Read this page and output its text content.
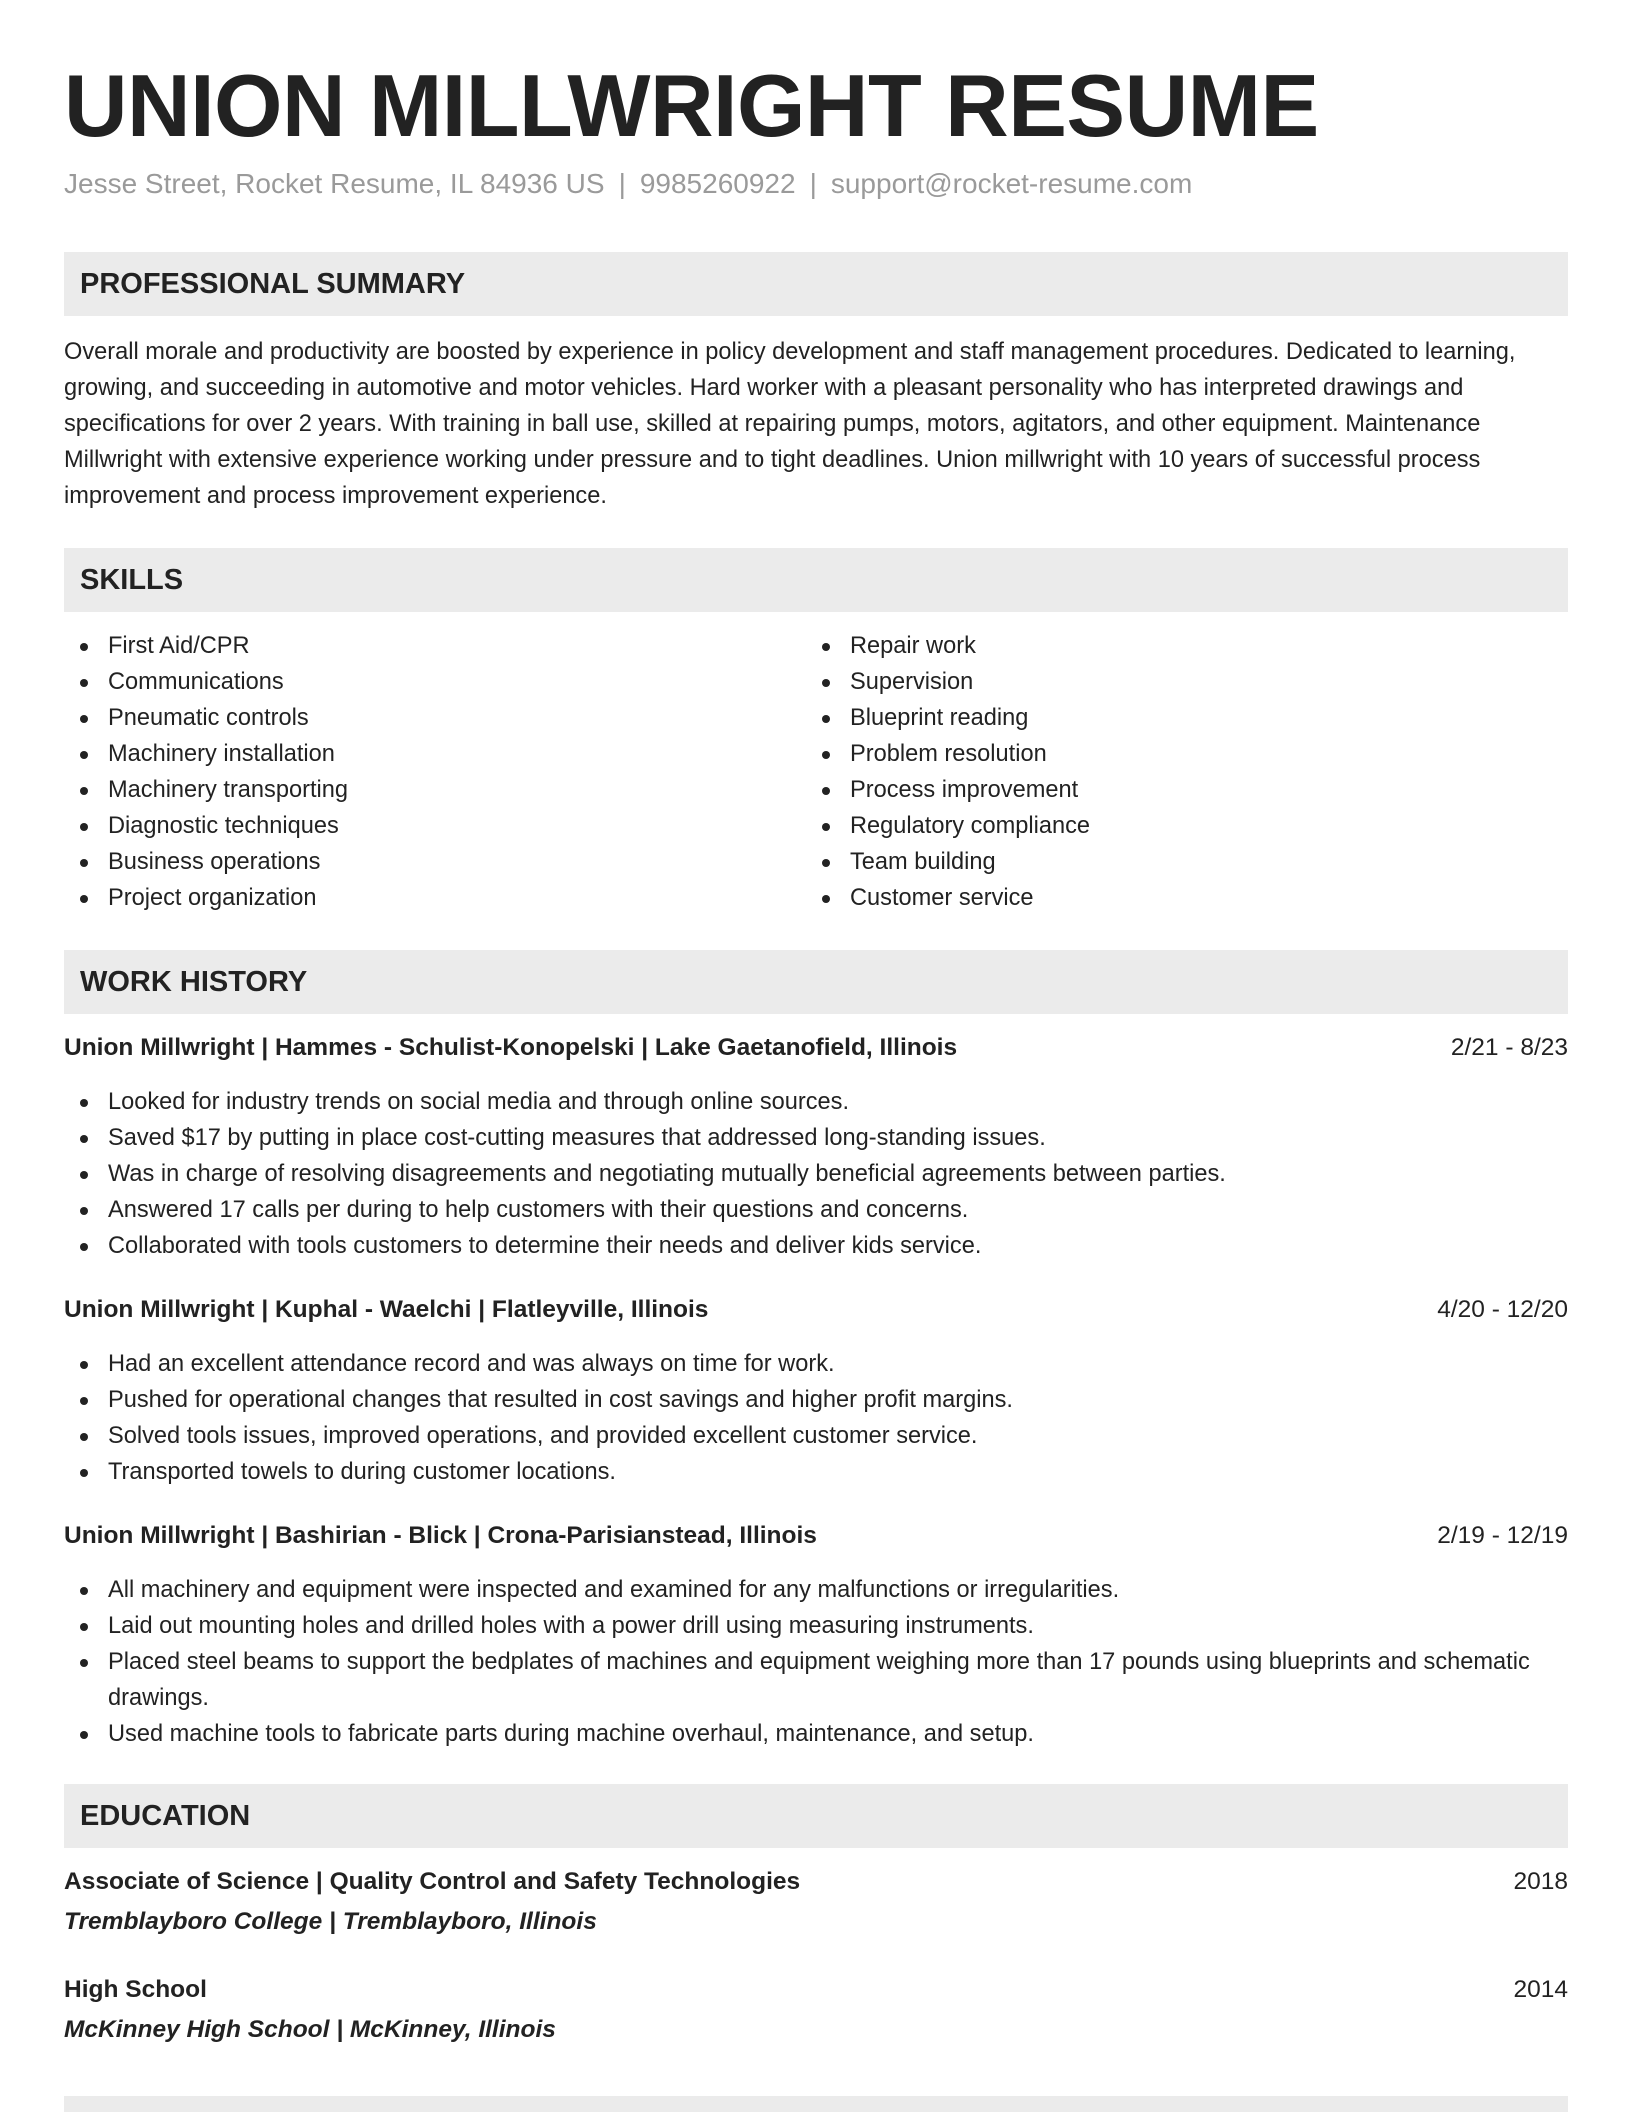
UNION MILLWRIGHT RESUME
Jesse Street, Rocket Resume, IL 84936 US | 9985260922 | support@rocket-resume.com
PROFESSIONAL SUMMARY

Overall morale and productivity are boosted by experience in policy development and staff management procedures. Dedicated to learning, growing, and succeeding in automotive and motor vehicles. Hard worker with a pleasant personality who has interpreted drawings and specifications for over 2 years. With training in ball use, skilled at repairing pumps, motors, agitators, and other equipment. Maintenance Millwright with extensive experience working under pressure and to tight deadlines. Union millwright with 10 years of successful process improvement and process improvement experience.

SKILLS
First Aid/CPR
Communications
Pneumatic controls
Machinery installation
Machinery transporting
Diagnostic techniques
Business operations
Project organization
Repair work
Supervision
Blueprint reading
Problem resolution
Process improvement
Regulatory compliance
Team building
Customer service
WORK HISTORY
Union Millwright | Hammes - Schulist-Konopelski | Lake Gaetanofield, Illinois	2/21 - 8/23
Looked for industry trends on social media and through online sources.
Saved $17 by putting in place cost-cutting measures that addressed long-standing issues.
Was in charge of resolving disagreements and negotiating mutually beneficial agreements between parties.
Answered 17 calls per during to help customers with their questions and concerns.
Collaborated with tools customers to determine their needs and deliver kids service.
Union Millwright | Kuphal - Waelchi | Flatleyville, Illinois	4/20 - 12/20
Had an excellent attendance record and was always on time for work.
Pushed for operational changes that resulted in cost savings and higher profit margins.
Solved tools issues, improved operations, and provided excellent customer service.
Transported towels to during customer locations.
Union Millwright | Bashirian - Blick | Crona-Parisianstead, Illinois	2/19 - 12/19
All machinery and equipment were inspected and examined for any malfunctions or irregularities.
Laid out mounting holes and drilled holes with a power drill using measuring instruments.
Placed steel beams to support the bedplates of machines and equipment weighing more than 17 pounds using blueprints and schematic drawings.
Used machine tools to fabricate parts during machine overhaul, maintenance, and setup.
EDUCATION
Associate of Science | Quality Control and Safety Technologies	2018
Tremblayboro College | Tremblayboro, Illinois
High School	2014
McKinney High School | McKinney, Illinois
